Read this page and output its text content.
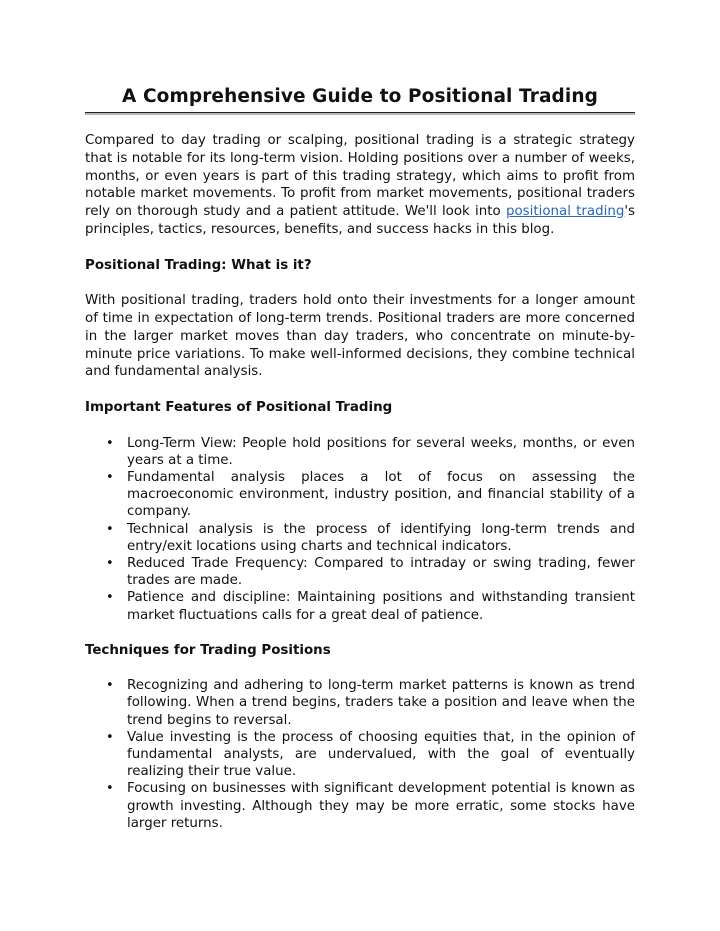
A Comprehensive Guide to Positional Trading

Compared to day trading or scalping, positional trading is a strategic strategy that is notable for its long-term vision. Holding positions over a number of weeks, months, or even years is part of this trading strategy, which aims to profit from notable market movements. To profit from market movements, positional traders rely on thorough study and a patient attitude. We'll look into positional trading's principles, tactics, resources, benefits, and success hacks in this blog.

Positional Trading: What is it?

With positional trading, traders hold onto their investments for a longer amount of time in expectation of long-term trends. Positional traders are more concerned in the larger market moves than day traders, who concentrate on minute-by-minute price variations. To make well-informed decisions, they combine technical and fundamental analysis.

Important Features of Positional Trading
• Long-Term View: People hold positions for several weeks, months, or even years at a time.
• Fundamental analysis places a lot of focus on assessing the macroeconomic environment, industry position, and financial stability of a company.
• Technical analysis is the process of identifying long-term trends and entry/exit locations using charts and technical indicators.
• Reduced Trade Frequency: Compared to intraday or swing trading, fewer trades are made.
• Patience and discipline: Maintaining positions and withstanding transient market fluctuations calls for a great deal of patience.
Techniques for Trading Positions
• Recognizing and adhering to long-term market patterns is known as trend following. When a trend begins, traders take a position and leave when the trend begins to reversal.
• Value investing is the process of choosing equities that, in the opinion of fundamental analysts, are undervalued, with the goal of eventually realizing their true value.
• Focusing on businesses with significant development potential is known as growth investing. Although they may be more erratic, some stocks have larger returns.
